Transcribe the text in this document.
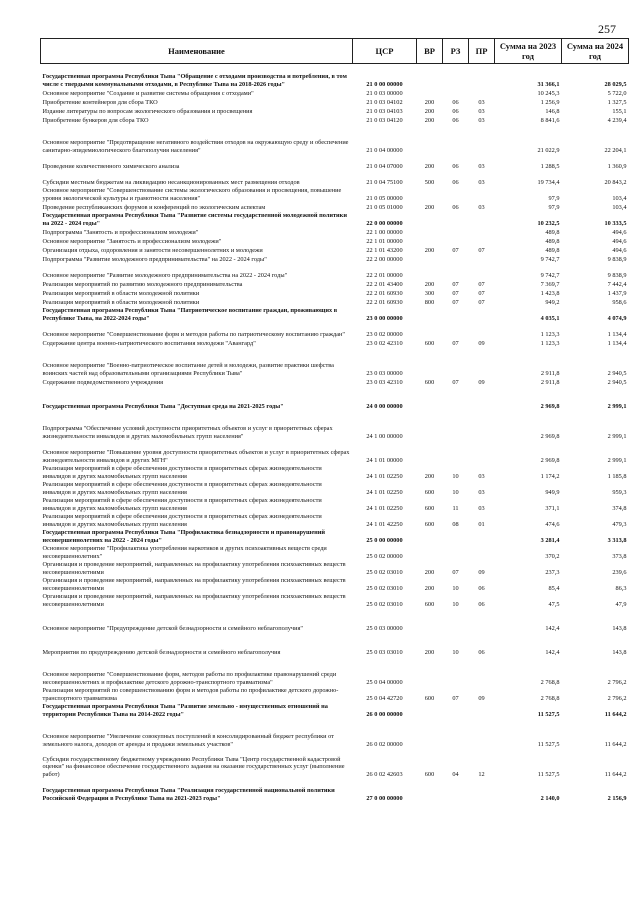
257
Наименование	ЦСР	ВР	РЗ	ПР	Сумма на 2023 год	Сумма на 2024 год
Государственная программа Республики Тыва "Обращение с отходами производства и потребления, в том числе с твердыми коммунальными отходами, в Республике Тыва на 2018-2026 годы"	21 0 00 00000				31 366,1	28 029,5
Основное мероприятие "Создание и развитие системы обращения с отходами"	21 0 03 00000				10 245,3	5 722,0
Приобретение контейнеров для сбора ТКО	21 0 03 04102	200	06	03	1 256,9	1 327,5
Издание литературы по вопросам экологического образования и просвещения	21 0 03 04103	200	06	03	146,8	155,1
Приобретение бункеров для сбора ТКО	21 0 03 04120	200	06	03	8 841,6	4 239,4
Основное мероприятие "Предотвращение негативного воздействия отходов на окружающую среду и обеспечение санитарно-эпидемиологического благополучия населения"	21 0 04 00000				21 022,9	22 204,1
Проведение количественного химического анализа	21 0 04 07000	200	06	03	1 288,5	1 360,9
Субсидии местным бюджетам на ликвидацию несанкционированных мест размещения отходов	21 0 04 75100	500	06	03	19 734,4	20 843,2
Основное мероприятие "Совершенствование системы экологического образования и просвещения, повышение уровня экологической культуры и грамотности населения"	21 0 05 00000				97,9	103,4
Проведение республиканских форумов и конференций по экологическим аспектам	21 0 05 01000	200	06	03	97,9	103,4
Государственная программа Республики Тыва "Развитие системы государственной молодежной политики на 2022 - 2024 годы"	22 0 00 00000				10 232,5	10 333,5
Подпрограмма "Занятость и профессионализм молодежи"	22 1 00 00000				489,8	494,6
Основное мероприятие "Занятость и профессионализм молодежи"	22 1 01 00000				489,8	494,6
Организация отдыха, оздоровления и занятости несовершеннолетних и молодежи	22 1 01 43200	200	07	07	489,8	494,6
Подпрограмма "Развитие молодежного предпринимательства" на 2022 - 2024 годы"	22 2 00 00000				9 742,7	9 838,9
Основное мероприятие "Развитие молодежного предпринимательства на 2022 - 2024 годы"	22 2 01 00000				9 742,7	9 838,9
Реализация мероприятий по развитию молодежного предпринимательства	22 2 01 43400	200	07	07	7 369,7	7 442,4
Реализация мероприятий в области молодежной политики	22 2 01 60930	300	07	07	1 423,8	1 437,9
Реализация мероприятий в области молодежной политики	22 2 01 60930	800	07	07	949,2	958,6
Государственная программа Республики Тыва "Патриотическое воспитание граждан, проживающих в Республике Тыва, на 2022-2024 годы"	23 0 00 00000				4 035,1	4 074,9
Основное мероприятие "Совершенствование форм и методов работы по патриотическому воспитанию граждан"	23 0 02 00000				1 123,3	1 134,4
Содержание центра военно-патриотического воспитания молодежи "Авангард"	23 0 02 42310	600	07	09	1 123,3	1 134,4
Основное мероприятие "Военно-патриотическое воспитание детей и молодежи, развитие практики шефства воинских частей над образовательными организациями Республики Тыва"	23 0 03 00000				2 911,8	2 940,5
Содержание подведомственного учреждения	23 0 03 42310	600	07	09	2 911,8	2 940,5
Государственная программа Республики Тыва "Доступная среда на 2021-2025 годы"	24 0 00 00000				2 969,8	2 999,1
Подпрограмма "Обеспечение условий доступности приоритетных объектов и услуг в приоритетных сферах жизнедеятельности инвалидов и других маломобильных групп населения"	24 1 00 00000				2 969,8	2 999,1
Основное мероприятие "Повышение уровня доступности приоритетных объектов и услуг в приоритетных сферах жизнедеятельности инвалидов и других МГН"	24 1 01 00000				2 969,8	2 999,1
Реализация мероприятий в сфере обеспечения доступности в приоритетных сферах жизнедеятельности инвалидов и других маломобильных групп населения	24 1 01 02250	200	10	03	1 174,2	1 185,8
Реализация мероприятий в сфере обеспечения доступности в приоритетных сферах жизнедеятельности инвалидов и других маломобильных групп населения	24 1 01 02250	600	10	03	949,9	959,3
Реализация мероприятий в сфере обеспечения доступности в приоритетных сферах жизнедеятельности инвалидов и других маломобильных групп населения	24 1 01 02250	600	11	03	371,1	374,8
Реализация мероприятий в сфере обеспечения доступности в приоритетных сферах жизнедеятельности инвалидов и других маломобильных групп населения	24 1 01 42250	600	08	01	474,6	479,3
Государственная программа Республики Тыва "Профилактика безнадзорности и правонарушений несовершеннолетних на 2022 - 2024 годы"	25 0 00 00000				3 281,4	3 313,8
Основное мероприятие "Профилактика употребления наркотиков и других психоактивных веществ среди несовершеннолетних"	25 0 02 00000				370,2	373,8
Организация и проведение мероприятий, направленных на профилактику употребления психоактивных веществ несовершеннолетними	25 0 02 03010	200	07	09	237,3	239,6
Организация и проведение мероприятий, направленных на профилактику употребления психоактивных веществ несовершеннолетними	25 0 02 03010	200	10	06	85,4	86,3
Организация и проведение мероприятий, направленных на профилактику употребления психоактивных веществ несовершеннолетними	25 0 02 03010	600	10	06	47,5	47,9
Основное мероприятие "Предупреждение детской безнадзорности и семейного неблагополучия"	25 0 03 00000				142,4	143,8
Мероприятия по предупреждению детской безнадзорности и семейного неблагополучия	25 0 03 03010	200	10	06	142,4	143,8
Основное мероприятие "Совершенствование форм, методов работы по профилактике правонарушений среди несовершеннолетних и профилактике детского дорожно-транспортного травматизма"	25 0 04 00000				2 768,8	2 796,2
Реализация мероприятий по совершенствованию форм и методов работы по профилактике детского дорожно-транспортного травматизма	25 0 04 42720	600	07	09	2 768,8	2 796,2
Государственная программа Республики Тыва "Развитие земельно - имущественных отношений на территории Республики Тыва на 2014-2022 годы"	26 0 00 00000				11 527,5	11 644,2
Основное мероприятие "Увеличение совокупных поступлений в консолидированный бюджет республики от земельного налога, доходов от аренды и продажи земельных участков"	26 0 02 00000				11 527,5	11 644,2
Субсидии государственному бюджетному учреждению Республики Тыва "Центр государственной кадастровой оценки" на финансовое обеспечение государственного задания на оказание государственных услуг (выполнение работ)	26 0 02 42603	600	04	12	11 527,5	11 644,2
Государственная программа Республики Тыва "Реализация государственной национальной политики Российской Федерации в Республике Тыва на 2021-2023 годы"	27 0 00 00000				2 140,0	2 156,9
